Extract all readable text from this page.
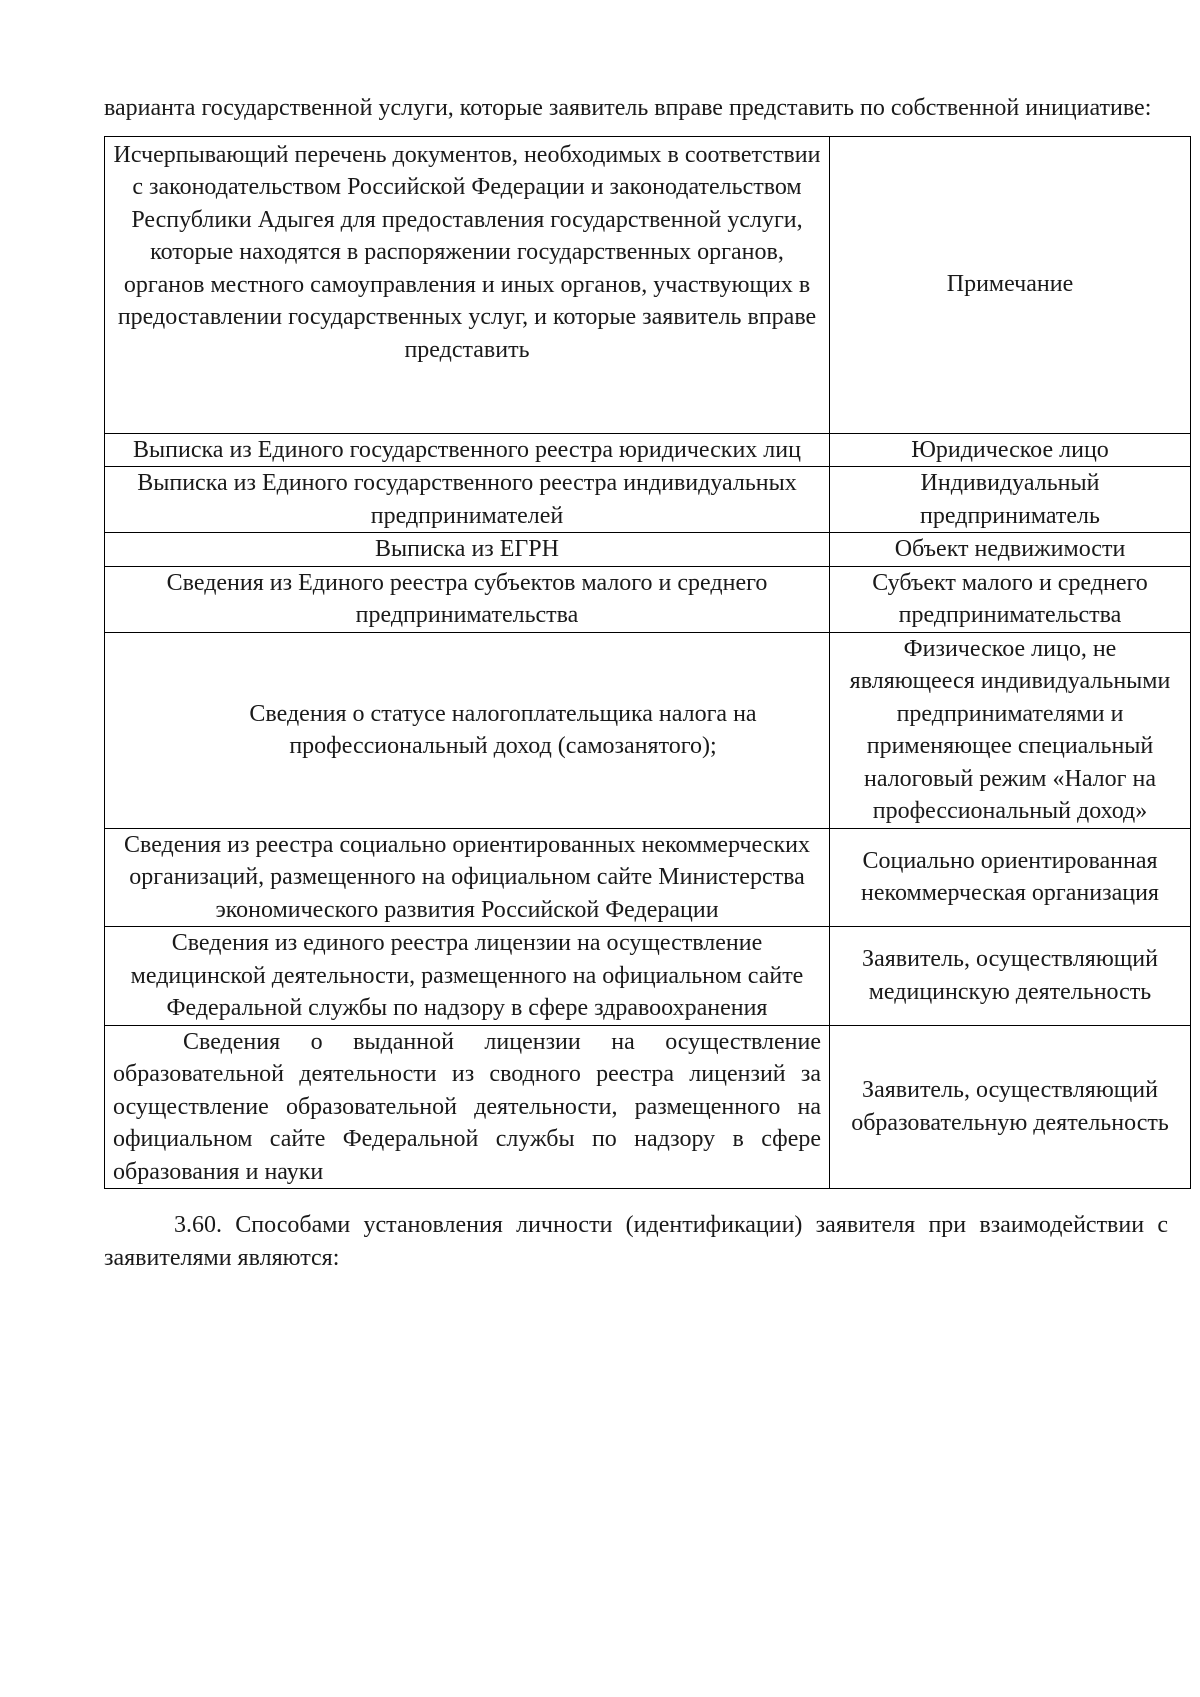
варианта государственной услуги, которые заявитель вправе представить по собственной инициативе:

Исчерпывающий перечень документов, необходимых в соответствии с законодательством Российской Федерации и законодательством Республики Адыгея для предоставления государственной услуги, которые находятся в распоряжении государственных органов, органов местного самоуправления и иных органов, участвующих в предоставлении государственных услуг, и которые заявитель вправе представить	Примечание
Выписка из Единого государственного реестра юридических лиц	Юридическое лицо
Выписка из Единого государственного реестра индивидуальных предпринимателей	Индивидуальный предприниматель
Выписка из ЕГРН	Объект недвижимости
Сведения из Единого реестра субъектов малого и среднего предпринимательства	Субъект малого и среднего предпринимательства
Сведения о статусе налогоплательщика налога на профессиональный доход (самозанятого);	Физическое лицо, не являющееся индивидуальными предпринимателями и применяющее специальный налоговый режим «Налог на профессиональный доход»
Сведения из реестра социально ориентированных некоммерческих организаций, размещенного на официальном сайте Министерства экономического развития Российской Федерации	Социально ориентированная некоммерческая организация
Сведения из единого реестра лицензии на осуществление медицинской деятельности, размещенного на официальном сайте Федеральной службы по надзору в сфере здравоохранения	Заявитель, осуществляющий медицинскую деятельность
Сведения о выданной лицензии на осуществление образовательной деятельности из сводного реестра лицензий за осуществление образовательной деятельности, размещенного на официальном сайте Федеральной службы по надзору в сфере образования и науки	Заявитель, осуществляющий образовательную деятельность

3.60. Способами установления личности (идентификации) заявителя при взаимодействии с заявителями являются:
